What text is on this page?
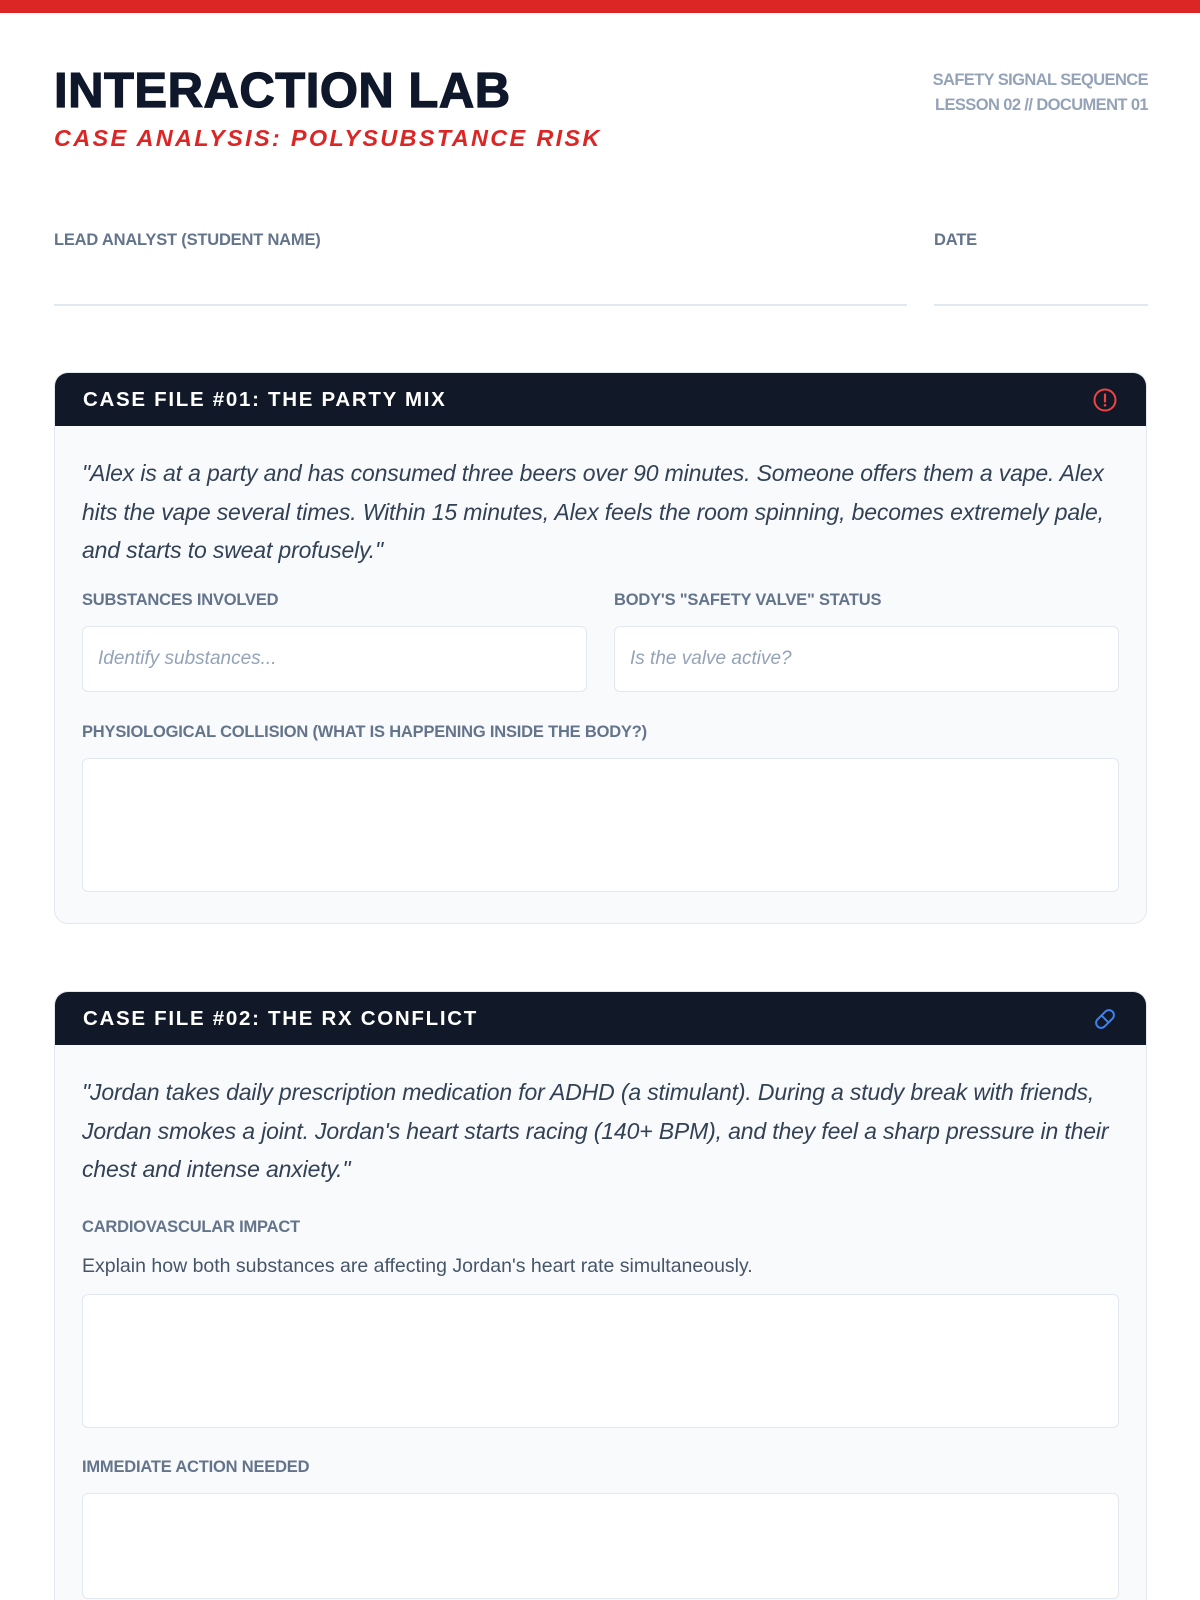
INTERACTION LAB
CASE ANALYSIS: POLYSUBSTANCE RISK
SAFETY SIGNAL SEQUENCE
LESSON 02 // DOCUMENT 01
LEAD ANALYST (STUDENT NAME)	DATE
CASE FILE #01: THE PARTY MIX

"Alex is at a party and has consumed three beers over 90 minutes. Someone offers them a vape. Alex hits the vape several times. Within 15 minutes, Alex feels the room spinning, becomes extremely pale, and starts to sweat profusely."

SUBSTANCES INVOLVED
Identify substances...	BODY'S "SAFETY VALVE" STATUS
Is the valve active?
PHYSIOLOGICAL COLLISION (WHAT IS HAPPENING INSIDE THE BODY?)
CASE FILE #02: THE RX CONFLICT

"Jordan takes daily prescription medication for ADHD (a stimulant). During a study break with friends, Jordan smokes a joint. Jordan's heart starts racing (140+ BPM), and they feel a sharp pressure in their chest and intense anxiety."

CARDIOVASCULAR IMPACT
Explain how both substances are affecting Jordan's heart rate simultaneously.
IMMEDIATE ACTION NEEDED
